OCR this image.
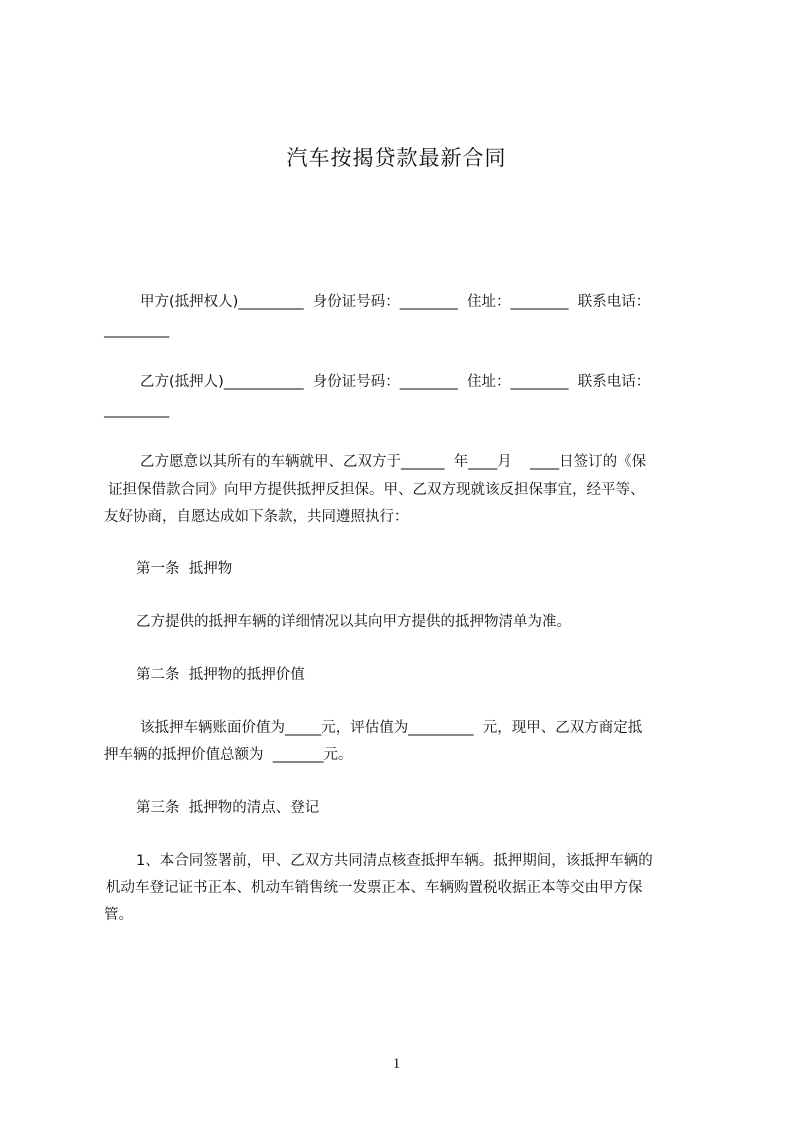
汽车按揭贷款最新合同
甲方(抵押权人)_________  身份证号码：________  住址：________  联系电话：
_________
乙方(抵押人)___________  身份证号码：________  住址：________  联系电话：
_________
乙方愿意以其所有的车辆就甲、乙双方于______  年____月    ____日签订的《保
证担保借款合同》向甲方提供抵押反担保。甲、乙双方现就该反担保事宜，经平等、
友好协商，自愿达成如下条款，共同遵照执行：
第一条  抵押物
乙方提供的抵押车辆的详细情况以其向甲方提供的抵押物清单为准。
第二条  抵押物的抵押价值
该抵押车辆账面价值为_____元，评估值为_________  元，现甲、乙双方商定抵
押车辆的抵押价值总额为  _______元。
第三条  抵押物的清点、登记
1、本合同签署前，甲、乙双方共同清点核查抵押车辆。抵押期间，该抵押车辆的
机动车登记证书正本、机动车销售统一发票正本、车辆购置税收据正本等交由甲方保
管。
1
